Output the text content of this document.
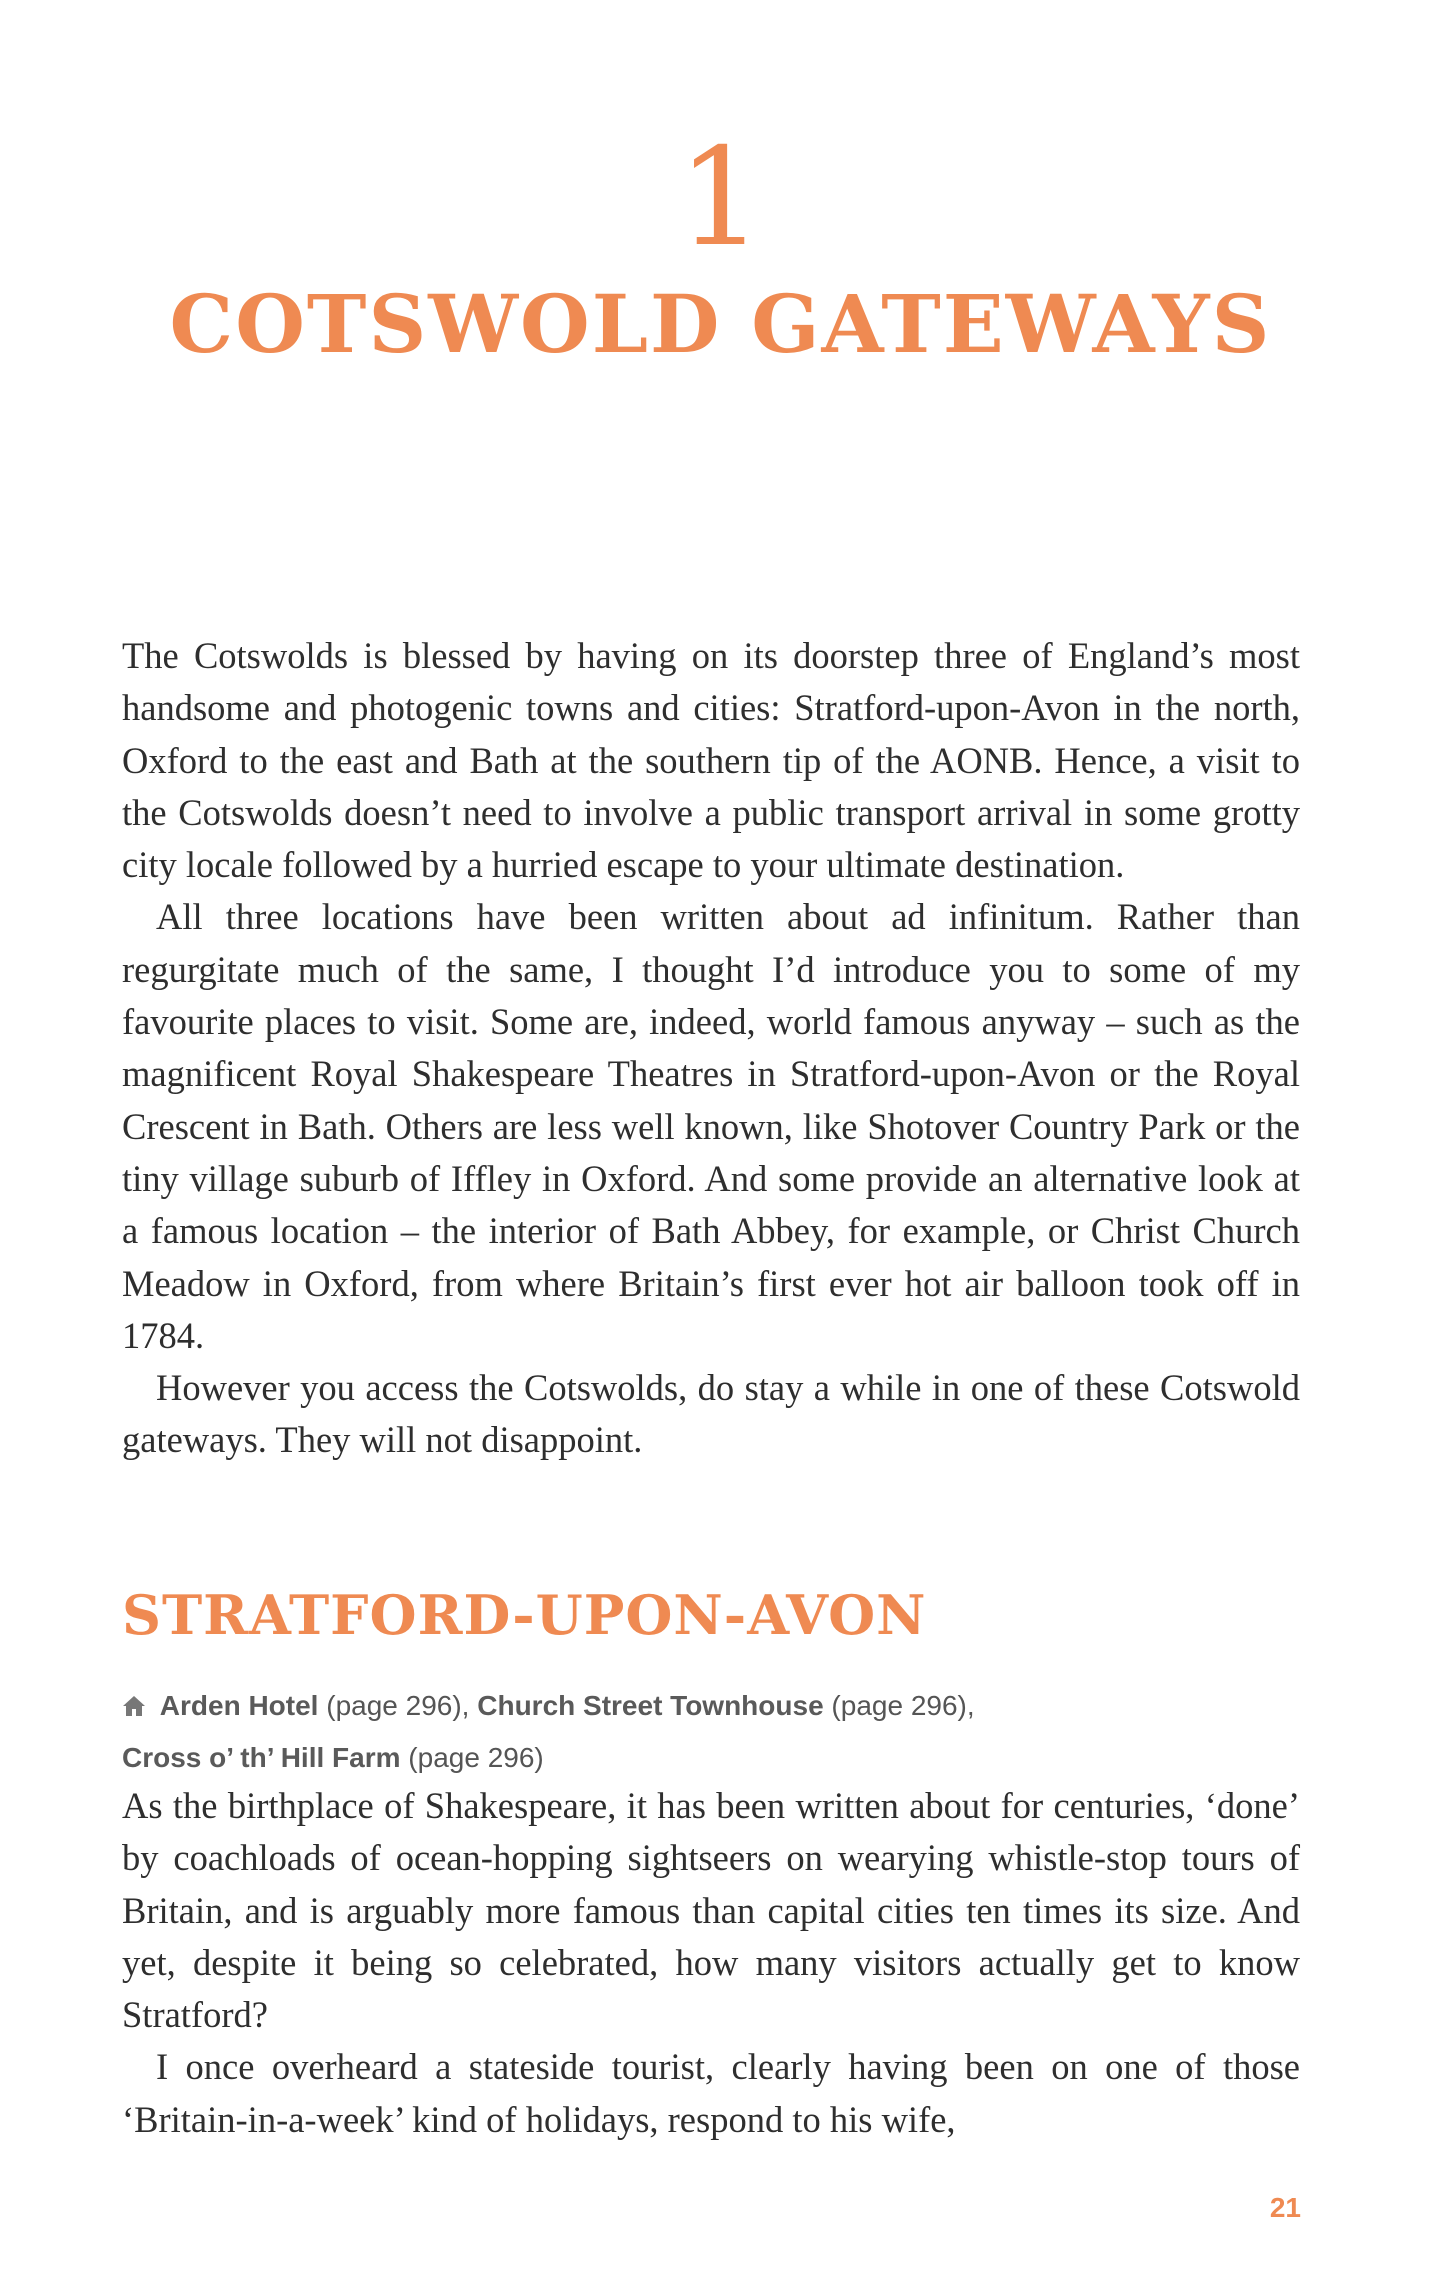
1
COTSWOLD GATEWAYS

The Cotswolds is blessed by having on its doorstep three of England’s most handsome and photogenic towns and cities: Stratford-upon-Avon in the north, Oxford to the east and Bath at the southern tip of the AONB. Hence, a visit to the Cotswolds doesn’t need to involve a public transport arrival in some grotty city locale followed by a hurried escape to your ultimate destination.

All three locations have been written about ad infinitum. Rather than regurgitate much of the same, I thought I’d introduce you to some of my favourite places to visit. Some are, indeed, world famous anyway – such as the magnificent Royal Shakespeare Theatres in Stratford-upon-Avon or the Royal Crescent in Bath. Others are less well known, like Shotover Country Park or the tiny village suburb of Iffley in Oxford. And some provide an alternative look at a famous location – the interior of Bath Abbey, for example, or Christ Church Meadow in Oxford, from where Britain’s first ever hot air balloon took off in 1784.

However you access the Cotswolds, do stay a while in one of these Cotswold gateways. They will not disappoint.

STRATFORD-UPON-AVON
Arden Hotel (page 296), Church Street Townhouse (page 296),
Cross o’ th’ Hill Farm (page 296)

As the birthplace of Shakespeare, it has been written about for centuries, ‘done’ by coachloads of ocean-hopping sightseers on wearying whistle-stop tours of Britain, and is arguably more famous than capital cities ten times its size. And yet, despite it being so celebrated, how many visitors actually get to know Stratford?

I once overheard a stateside tourist, clearly having been on one of those ‘Britain-in-a-week’ kind of holidays, respond to his wife,

21
